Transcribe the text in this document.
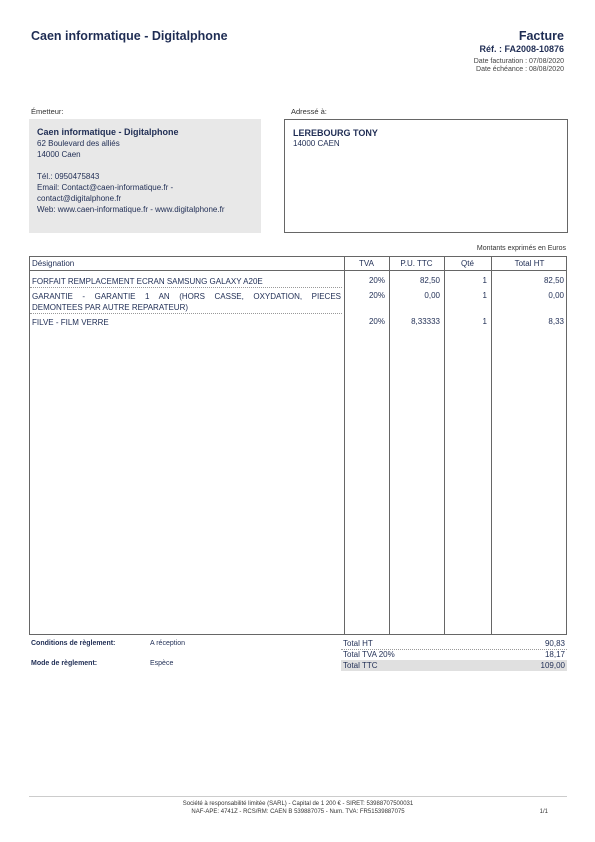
Caen informatique - Digitalphone	Facture
Réf. : FA2008-10876
Date facturation : 07/08/2020
Date échéance : 08/08/2020
Émetteur:
Caen informatique - Digitalphone
62 Boulevard des alliés
14000 Caen
Tél.: 0950475843
Email: Contact@caen-informatique.fr -
contact@digitalphone.fr
Web: www.caen-informatique.fr - www.digitalphone.fr
Adressé à:
LEREBOURG TONY
14000 CAEN
Montants exprimés en Euros
Désignation	TVA	P.U. TTC	Qté	Total HT
FORFAIT REMPLACEMENT ECRAN SAMSUNG GALAXY A20E	20%	82,50	1	82,50
GARANTIE - GARANTIE 1 AN (HORS CASSE, OXYDATION, PIECES
DEMONTEES PAR AUTRE REPARATEUR)
20%	0,00	1	0,00
FILVE - FILM VERRE	20%	8,33333	1	8,33
Conditions de règlement:	A réception
Mode de règlement:	Espèce
Total HT	90,83
Total TVA 20%	18,17
Total TTC	109,00
Société à responsabilité limitée (SARL) - Capital de 1 200 € - SIRET: 53988707500031
NAF-APE: 4741Z - RCS/RM: CAEN B 539887075 - Num. TVA: FR51539887075	1/1
